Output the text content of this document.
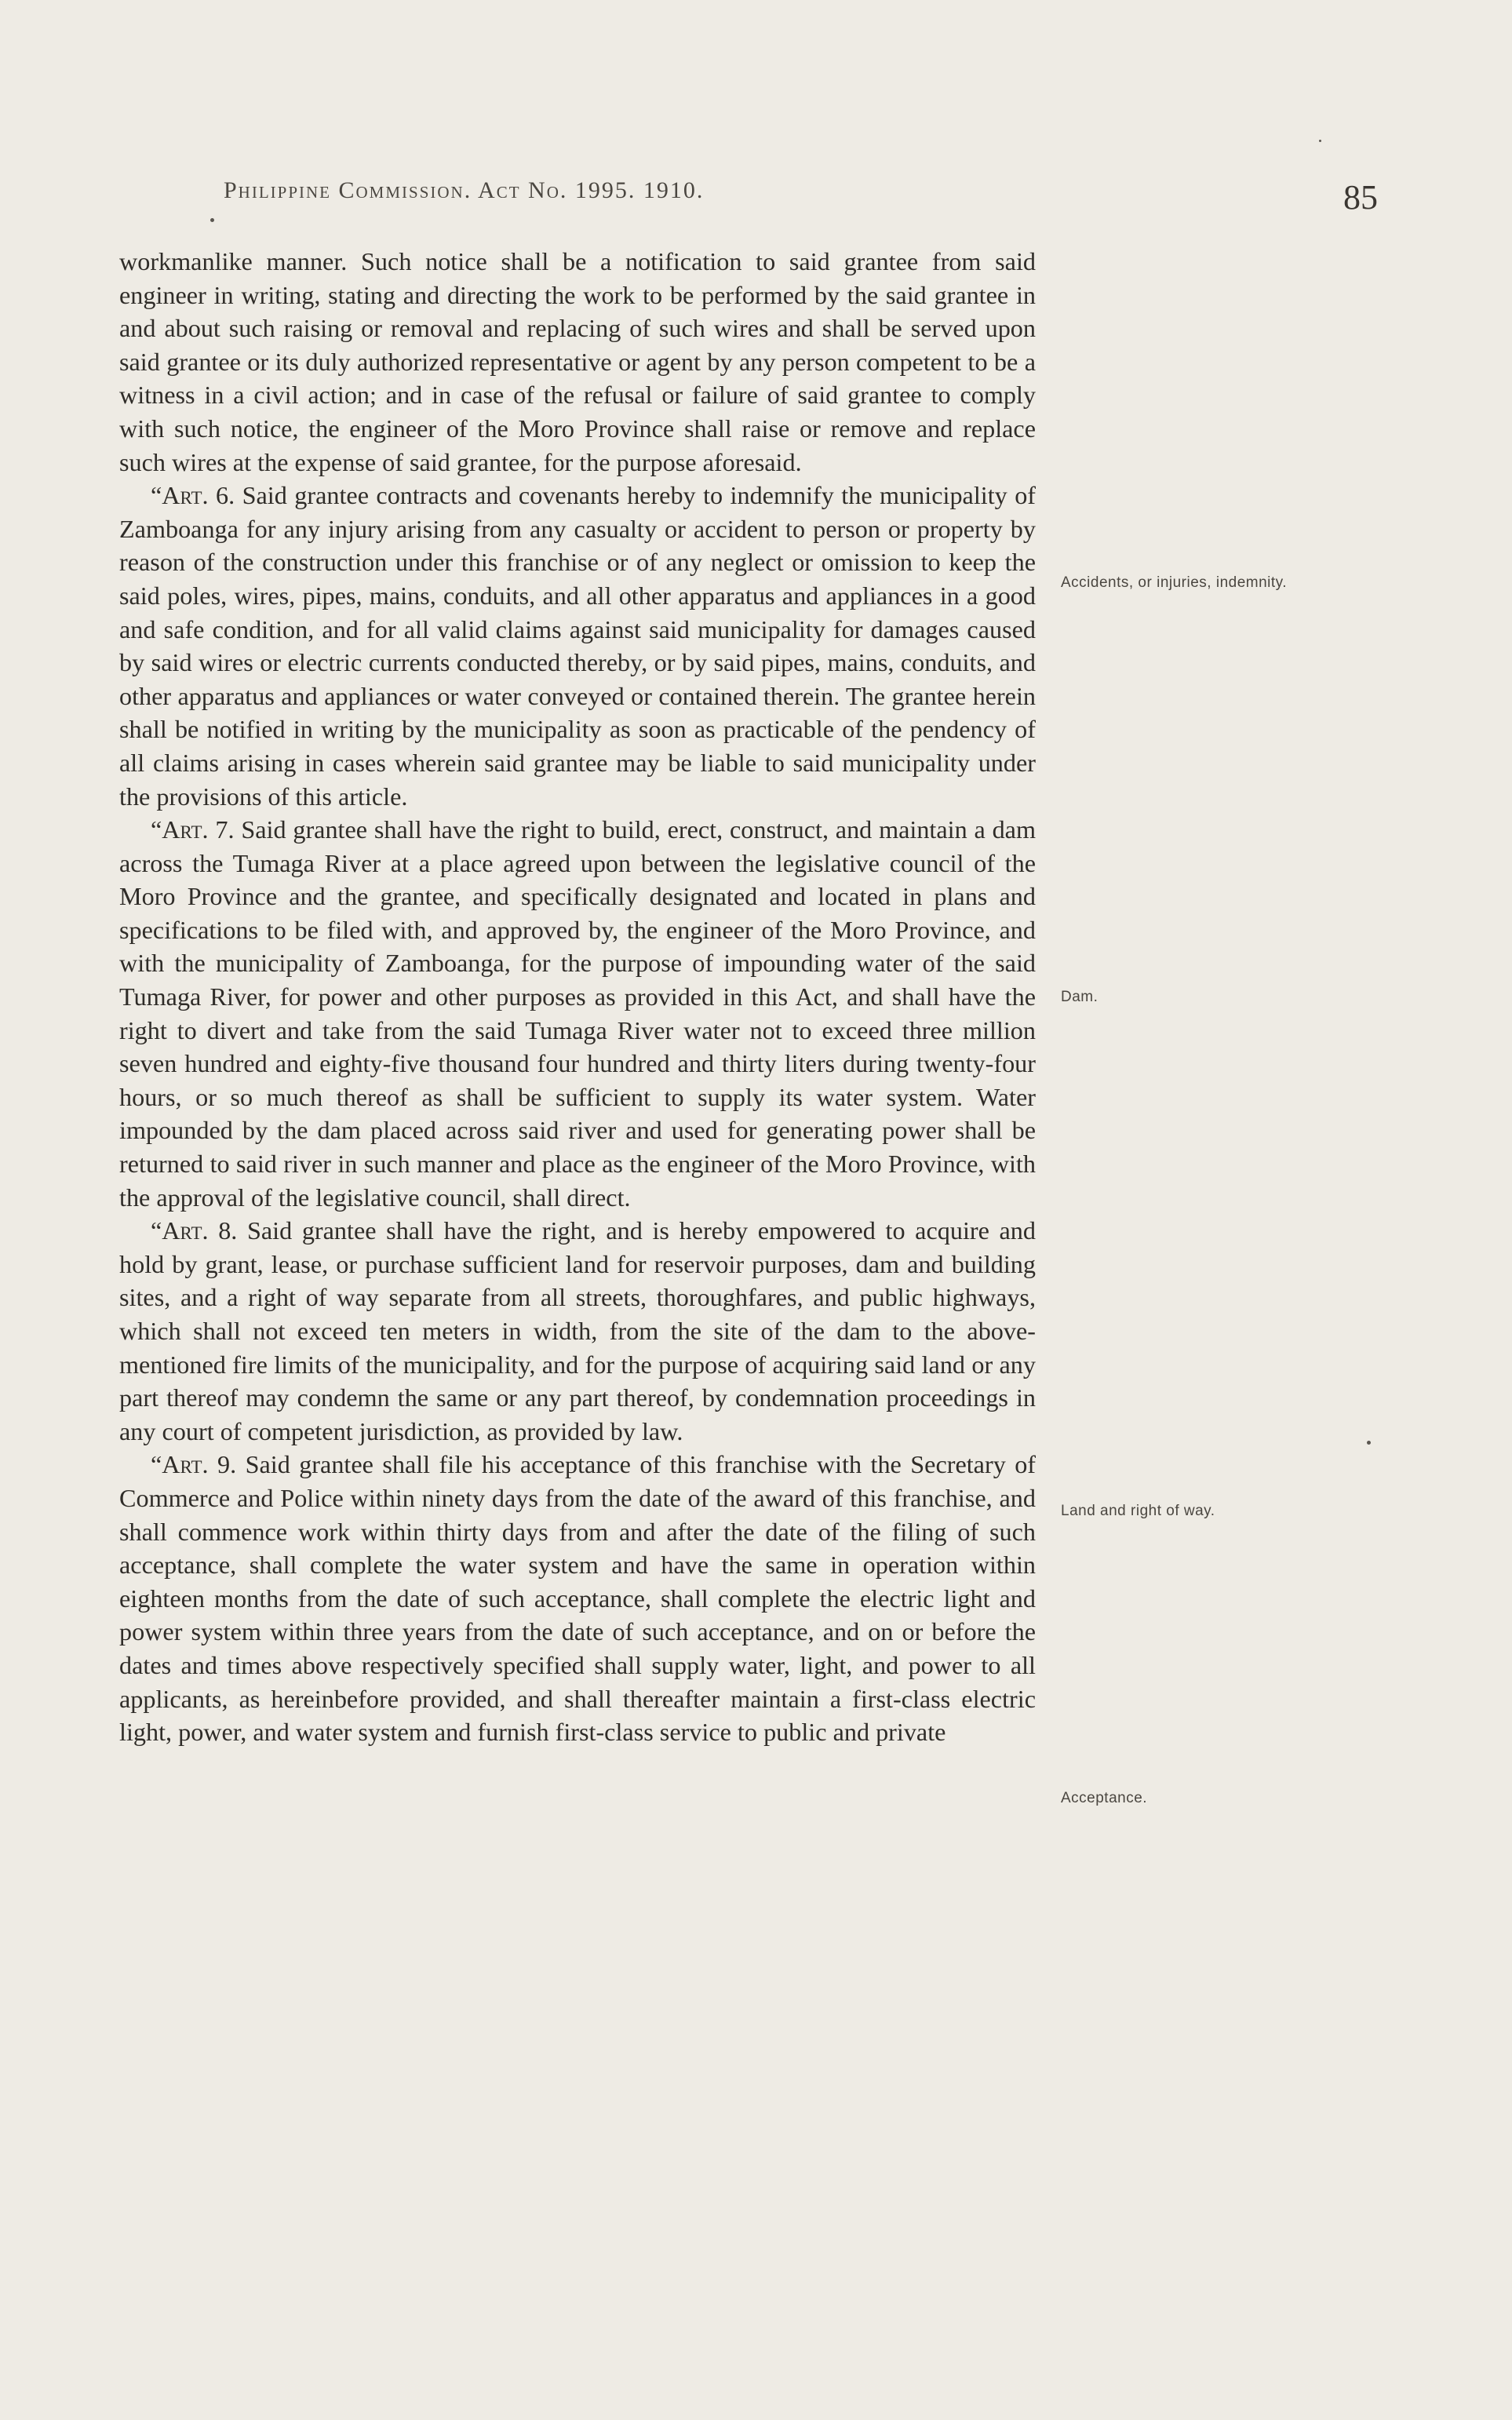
Philippine Commission. Act No. 1995. 1910.	85

workmanlike manner. Such notice shall be a notification to said grantee from said engineer in writing, stating and directing the work to be performed by the said grantee in and about such raising or removal and replacing of such wires and shall be served upon said grantee or its duly authorized representative or agent by any person competent to be a witness in a civil action; and in case of the refusal or failure of said grantee to comply with such notice, the engineer of the Moro Province shall raise or remove and replace such wires at the expense of said grantee, for the purpose aforesaid.

“Art. 6. Said grantee contracts and covenants hereby to indemnify the municipality of Zamboanga for any injury arising from any casualty or accident to person or property by reason of the construction under this franchise or of any neglect or omission to keep the said poles, wires, pipes, mains, conduits, and all other apparatus and appliances in a good and safe condition, and for all valid claims against said municipality for damages caused by said wires or electric currents conducted thereby, or by said pipes, mains, conduits, and other apparatus and appliances or water conveyed or contained therein. The grantee herein shall be notified in writing by the municipality as soon as practicable of the pendency of all claims arising in cases wherein said grantee may be liable to said municipality under the provisions of this article.

“Art. 7. Said grantee shall have the right to build, erect, construct, and maintain a dam across the Tumaga River at a place agreed upon between the legislative council of the Moro Province and the grantee, and specifically designated and located in plans and specifications to be filed with, and approved by, the engineer of the Moro Province, and with the municipality of Zamboanga, for the purpose of impounding water of the said Tumaga River, for power and other purposes as provided in this Act, and shall have the right to divert and take from the said Tumaga River water not to exceed three million seven hundred and eighty-five thousand four hundred and thirty liters during twenty-four hours, or so much thereof as shall be sufficient to supply its water system. Water impounded by the dam placed across said river and used for generating power shall be returned to said river in such manner and place as the engineer of the Moro Province, with the approval of the legislative council, shall direct.

“Art. 8. Said grantee shall have the right, and is hereby empowered to acquire and hold by grant, lease, or purchase sufficient land for reservoir purposes, dam and building sites, and a right of way separate from all streets, thoroughfares, and public highways, which shall not exceed ten meters in width, from the site of the dam to the above-mentioned fire limits of the municipality, and for the purpose of acquiring said land or any part thereof may condemn the same or any part thereof, by condemnation proceedings in any court of competent jurisdiction, as provided by law.

“Art. 9. Said grantee shall file his acceptance of this franchise with the Secretary of Commerce and Police within ninety days from the date of the award of this franchise, and shall commence work within thirty days from and after the date of the filing of such acceptance, shall complete the water system and have the same in operation within eighteen months from the date of such acceptance, shall complete the electric light and power system within three years from the date of such acceptance, and on or before the dates and times above respectively specified shall supply water, light, and power to all applicants, as hereinbefore provided, and shall thereafter maintain a first-class electric light, power, and water system and furnish first-class service to public and private

Accidents, or injuries, indemnity.
Dam.
Land and right of way.
Acceptance.
